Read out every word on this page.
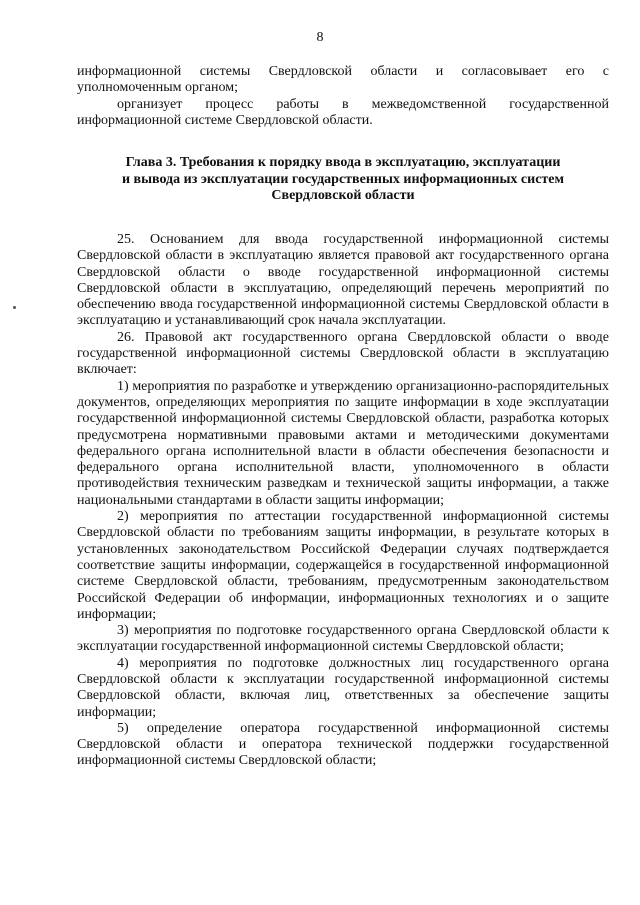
8

информационной системы Свердловской области и согласовывает его с уполномоченным органом;

организует процесс работы в межведомственной государственной информационной системе Свердловской области.

Глава 3. Требования к порядку ввода в эксплуатацию, эксплуатации
и вывода из эксплуатации государственных информационных систем
Свердловской области

25. Основанием для ввода государственной информационной системы Свердловской области в эксплуатацию является правовой акт государственного органа Свердловской области о вводе государственной информационной системы Свердловской области в эксплуатацию, определяющий перечень мероприятий по обеспечению ввода государственной информационной системы Свердловской области в эксплуатацию и устанавливающий срок начала эксплуатации.

26. Правовой акт государственного органа Свердловской области о вводе государственной информационной системы Свердловской области в эксплуатацию включает:

1) мероприятия по разработке и утверждению организационно-распорядительных документов, определяющих мероприятия по защите информации в ходе эксплуатации государственной информационной системы Свердловской области, разработка которых предусмотрена нормативными правовыми актами и методическими документами федерального органа исполнительной власти в области обеспечения безопасности и федерального органа исполнительной власти, уполномоченного в области противодействия техническим разведкам и технической защиты информации, а также национальными стандартами в области защиты информации;

2) мероприятия по аттестации государственной информационной системы Свердловской области по требованиям защиты информации, в результате которых в установленных законодательством Российской Федерации случаях подтверждается соответствие защиты информации, содержащейся в государственной информационной системе Свердловской области, требованиям, предусмотренным законодательством Российской Федерации об информации, информационных технологиях и о защите информации;

3) мероприятия по подготовке государственного органа Свердловской области к эксплуатации государственной информационной системы Свердловской области;

4) мероприятия по подготовке должностных лиц государственного органа Свердловской области к эксплуатации государственной информационной системы Свердловской области, включая лиц, ответственных за обеспечение защиты информации;

5) определение оператора государственной информационной системы Свердловской области и оператора технической поддержки государственной информационной системы Свердловской области;
